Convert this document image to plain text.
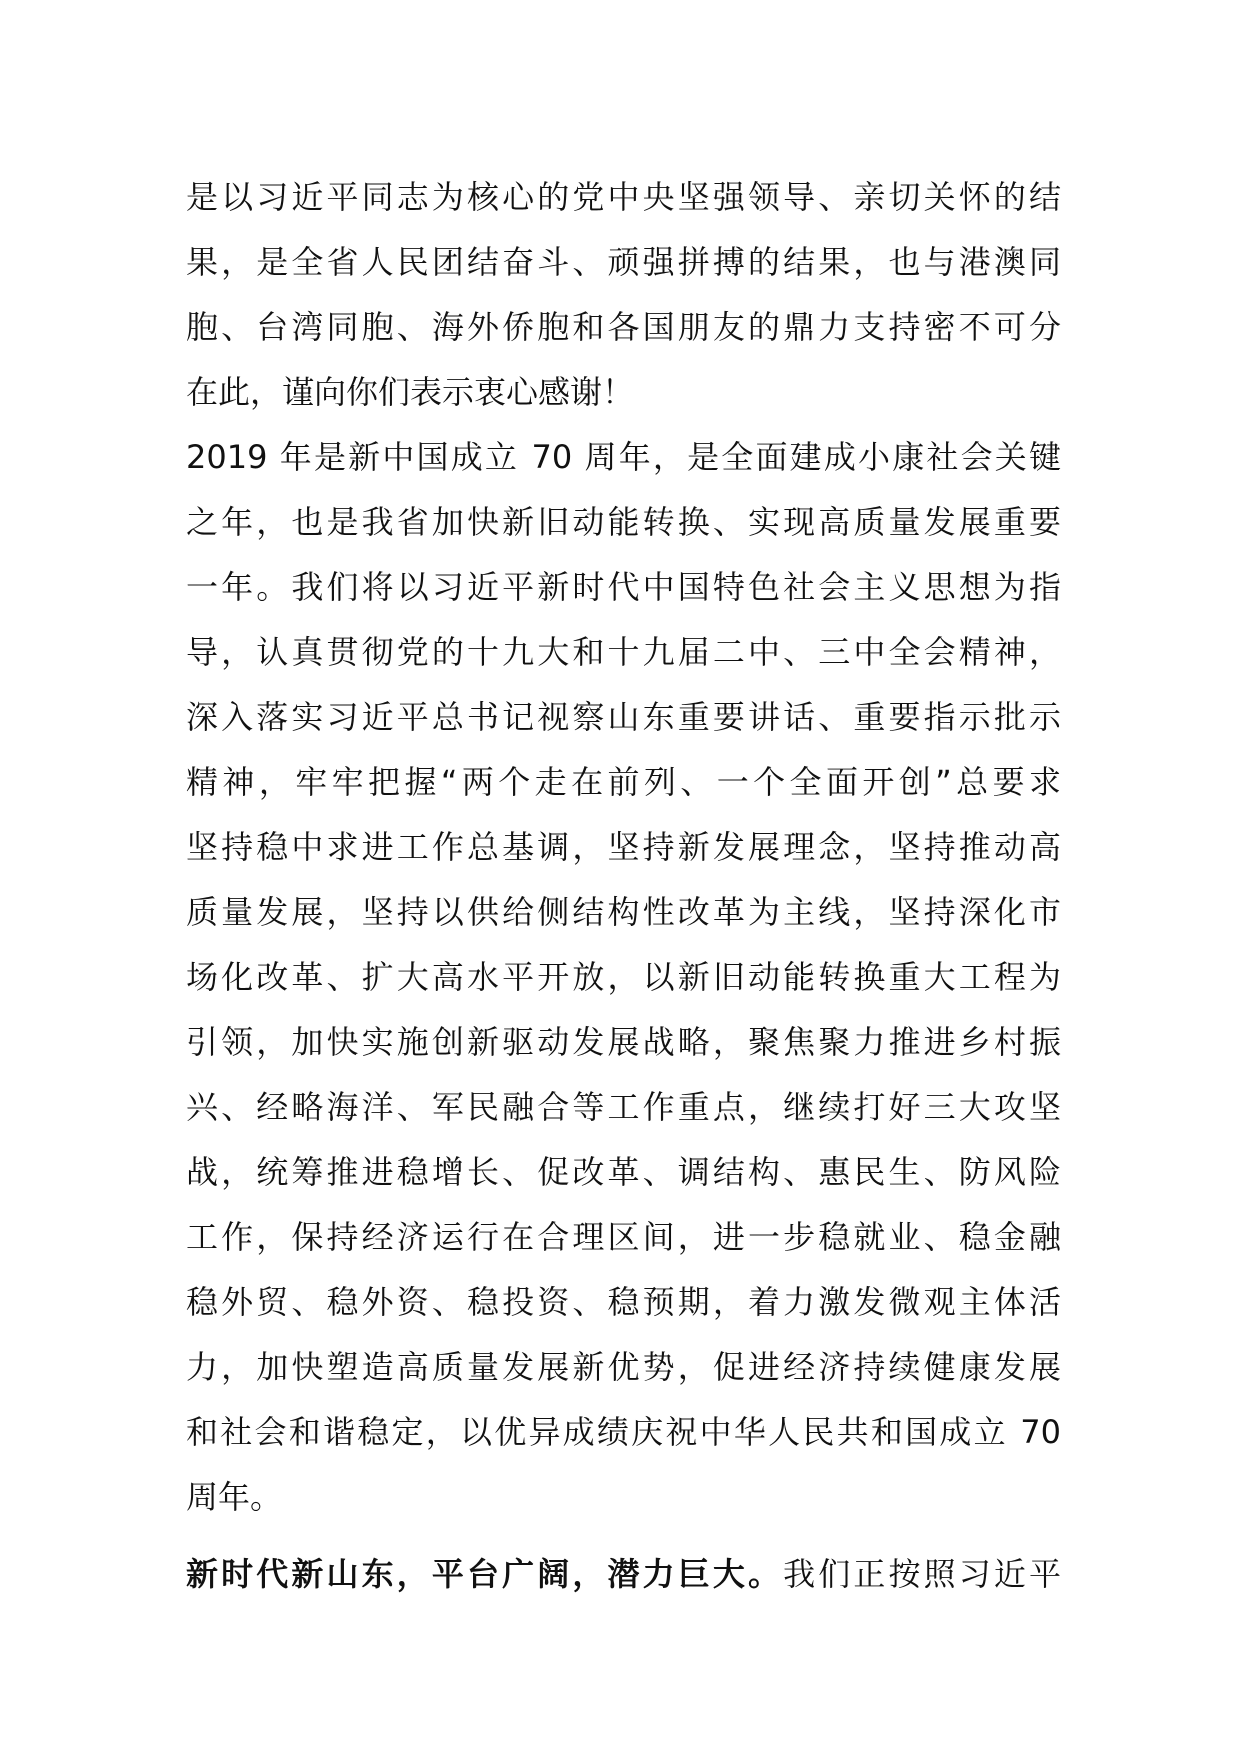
是以习近平同志为核心的党中央坚强领导、亲切关怀的结
果，是全省人民团结奋斗、顽强拼搏的结果，也与港澳同
胞、台湾同胞、海外侨胞和各国朋友的鼎力支持密不可分
在此，谨向你们表示衷心感谢！
2019 年是新中国成立 70 周年，是全面建成小康社会关键
之年，也是我省加快新旧动能转换、实现高质量发展重要
一年。我们将以习近平新时代中国特色社会主义思想为指
导，认真贯彻党的十九大和十九届二中、三中全会精神，
深入落实习近平总书记视察山东重要讲话、重要指示批示
精神，牢牢把握“两个走在前列、一个全面开创”总要求
坚持稳中求进工作总基调，坚持新发展理念，坚持推动高
质量发展，坚持以供给侧结构性改革为主线，坚持深化市
场化改革、扩大高水平开放，以新旧动能转换重大工程为
引领，加快实施创新驱动发展战略，聚焦聚力推进乡村振
兴、经略海洋、军民融合等工作重点，继续打好三大攻坚
战，统筹推进稳增长、促改革、调结构、惠民生、防风险
工作，保持经济运行在合理区间，进一步稳就业、稳金融
稳外贸、稳外资、稳投资、稳预期，着力激发微观主体活
力，加快塑造高质量发展新优势，促进经济持续健康发展
和社会和谐稳定，以优异成绩庆祝中华人民共和国成立 70
周年。
新时代新山东，平台广阔，潜力巨大。我们正按照习近平
